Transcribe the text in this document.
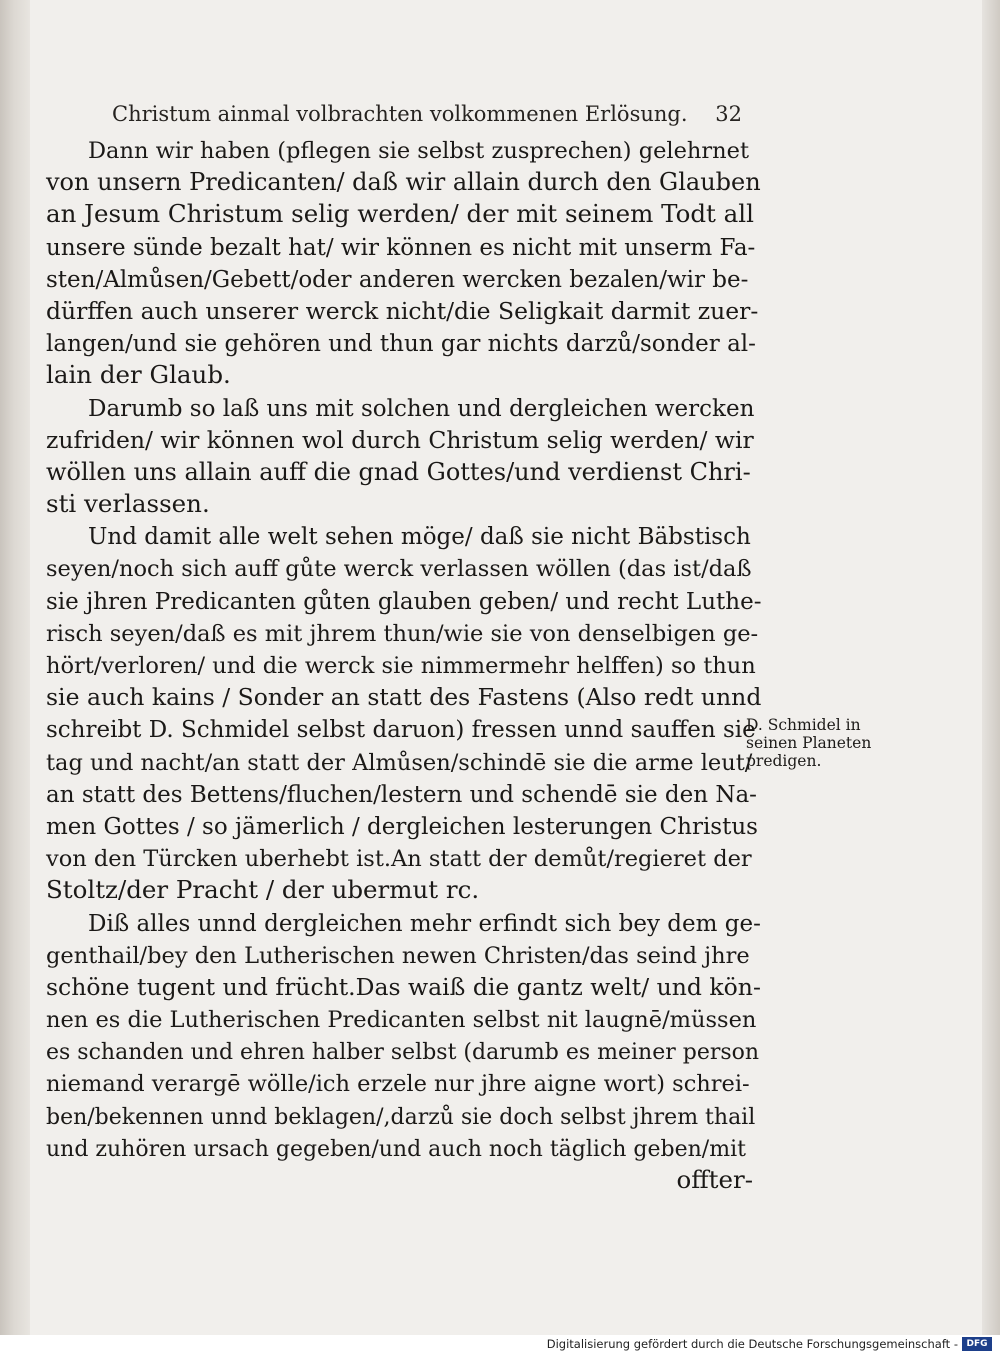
Christum ainmal volbrachten volkommenen Erlösung. 32
Dann wir haben (pflegen sie selbst zusprechen) gelehrnet
von unsern Predicanten/ daß wir allain durch den Glauben
an Jesum Christum selig werden/ der mit seinem Todt all
unsere sünde bezalt hat/ wir können es nicht mit unserm Fa-
sten/Almůsen/Gebett/oder anderen wercken bezalen/wir be-
dürffen auch unserer werck nicht/die Seligkait darmit zuer-
langen/und sie gehören und thun gar nichts darzů/sonder al-
lain der Glaub.
Darumb so laß uns mit solchen und dergleichen wercken
zufriden/ wir können wol durch Christum selig werden/ wir
wöllen uns allain auff die gnad Gottes/und verdienst Chri-
sti verlassen.
Und damit alle welt sehen möge/ daß sie nicht Bäbstisch
seyen/noch sich auff gůte werck verlassen wöllen (das ist/daß
sie jhren Predicanten gůten glauben geben/ und recht Luthe-
risch seyen/daß es mit jhrem thun/wie sie von denselbigen ge-
hört/verloren/ und die werck sie nimmermehr helffen) so thun
sie auch kains / Sonder an statt des Fastens (Also redt unnd
schreibt D. Schmidel selbst daruon) fressen unnd sauffen sie
tag und nacht/an statt der Almůsen/schindē sie die arme leut/
an statt des Bettens/fluchen/lestern und schendē sie den Na-
men Gottes / so jämerlich / dergleichen lesterungen Christus
von den Türcken uberhebt ist.An statt der demůt/regieret der
Stoltz/der Pracht / der ubermut rc.
Diß alles unnd dergleichen mehr erfindt sich bey dem ge-
genthail/bey den Lutherischen newen Christen/das seind jhre
schöne tugent und frücht.Das waiß die gantz welt/ und kön-
nen es die Lutherischen Predicanten selbst nit laugnē/müssen
es schanden und ehren halber selbst (darumb es meiner person
niemand verargē wölle/ich erzele nur jhre aigne wort) schrei-
ben/bekennen unnd beklagen/,darzů sie doch selbst jhrem thail
und zuhören ursach gegeben/und auch noch täglich geben/mit
offter-
D. Schmidel in
seinen Planeten
predigen.
Digitalisierung gefördert durch die Deutsche Forschungsgemeinschaft - DFG
